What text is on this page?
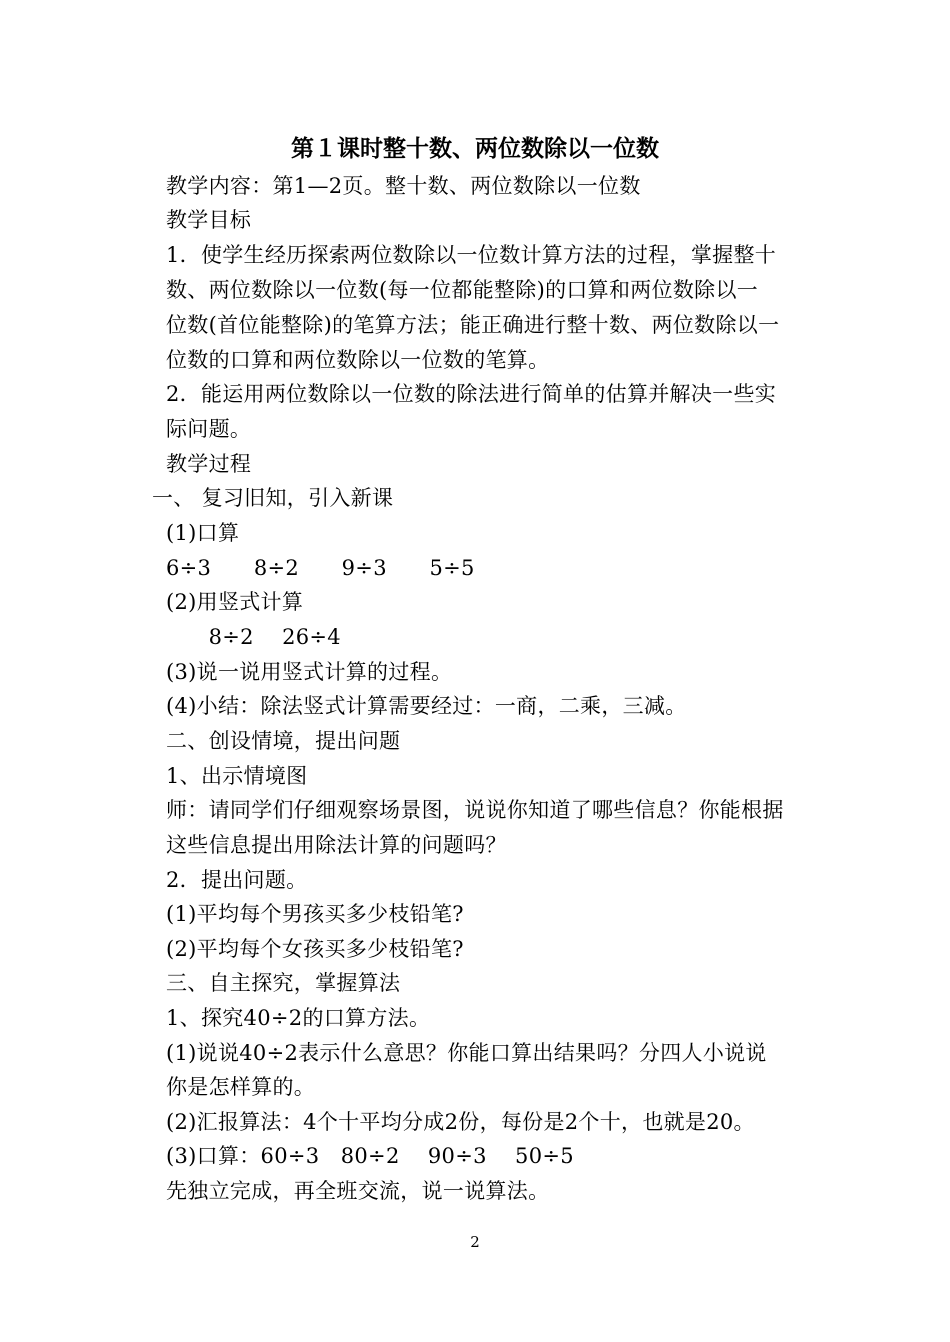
第１课时整十数、两位数除以一位数
教学内容：第1—2页。整十数、两位数除以一位数
教学目标
1．使学生经历探索两位数除以一位数计算方法的过程，掌握整十
数、两位数除以一位数(每一位都能整除)的口算和两位数除以一
位数(首位能整除)的笔算方法；能正确进行整十数、两位数除以一
位数的口算和两位数除以一位数的笔算。
2．能运用两位数除以一位数的除法进行简单的估算并解决一些实
际问题。
教学过程
一、 复习旧知，引入新课
(1)口算
6÷3　　8÷2　　9÷3　　5÷5
(2)用竖式计算
　　8÷2　 26÷4
(3)说一说用竖式计算的过程。
(4)小结：除法竖式计算需要经过：一商，二乘，三减。
二、创设情境，提出问题
1、出示情境图
师：请同学们仔细观察场景图，说说你知道了哪些信息？你能根据
这些信息提出用除法计算的问题吗？
2．提出问题。
(1)平均每个男孩买多少枝铅笔?
(2)平均每个女孩买多少枝铅笔?
三、自主探究，掌握算法
1、探究40÷2的口算方法。
(1)说说40÷2表示什么意思？你能口算出结果吗？分四人小说说
你是怎样算的。
(2)汇报算法：4个十平均分成2份，每份是2个十，也就是20。
(3)口算：60÷3　80÷2　 90÷3　 50÷5
先独立完成，再全班交流，说一说算法。
2
